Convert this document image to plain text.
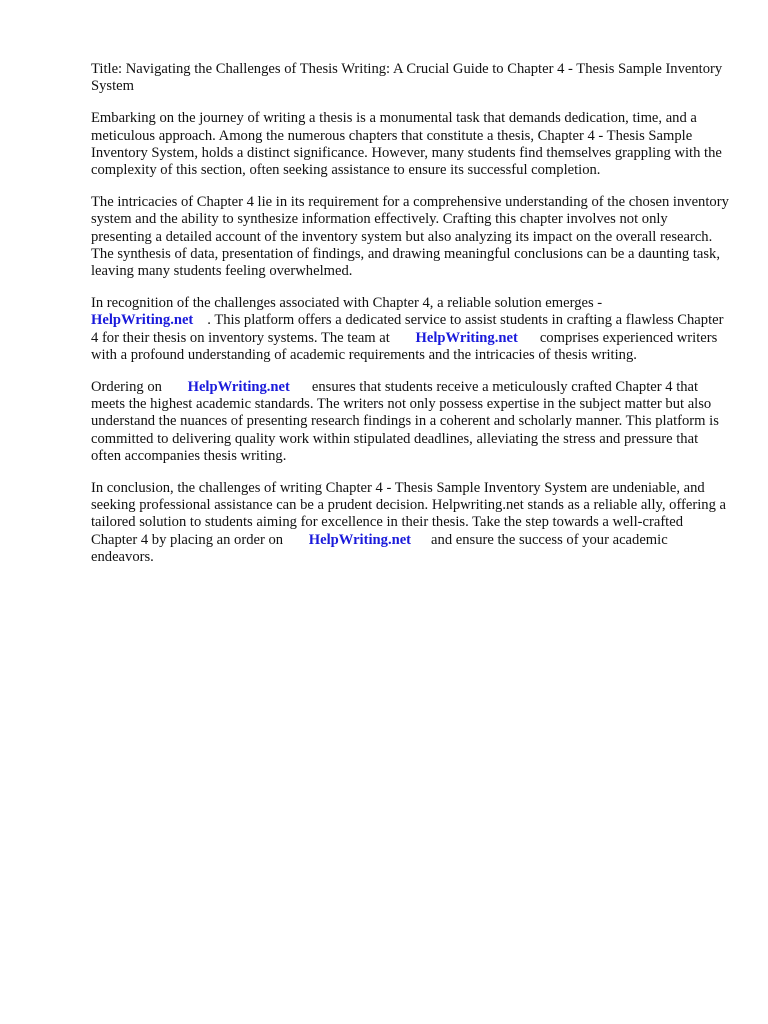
Title: Navigating the Challenges of Thesis Writing: A Crucial Guide to Chapter 4 - Thesis Sample Inventory System

Embarking on the journey of writing a thesis is a monumental task that demands dedication, time, and a meticulous approach. Among the numerous chapters that constitute a thesis, Chapter 4 - Thesis Sample Inventory System, holds a distinct significance. However, many students find themselves grappling with the complexity of this section, often seeking assistance to ensure its successful completion.

The intricacies of Chapter 4 lie in its requirement for a comprehensive understanding of the chosen inventory system and the ability to synthesize information effectively. Crafting this chapter involves not only presenting a detailed account of the inventory system but also analyzing its impact on the overall research. The synthesis of data, presentation of findings, and drawing meaningful conclusions can be a daunting task, leaving many students feeling overwhelmed.

In recognition of the challenges associated with Chapter 4, a reliable solution emerges -
HelpWriting.net . This platform offers a dedicated service to assist students in crafting a flawless Chapter 4 for their thesis on inventory systems. The team at HelpWriting.net comprises experienced writers with a profound understanding of academic requirements and the intricacies of thesis writing.

Ordering on HelpWriting.net ensures that students receive a meticulously crafted Chapter 4 that meets the highest academic standards. The writers not only possess expertise in the subject matter but also understand the nuances of presenting research findings in a coherent and scholarly manner. This platform is committed to delivering quality work within stipulated deadlines, alleviating the stress and pressure that often accompanies thesis writing.

In conclusion, the challenges of writing Chapter 4 - Thesis Sample Inventory System are undeniable, and seeking professional assistance can be a prudent decision. Helpwriting.net stands as a reliable ally, offering a tailored solution to students aiming for excellence in their thesis. Take the step towards a well-crafted Chapter 4 by placing an order on HelpWriting.net and ensure the success of your academic endeavors.
